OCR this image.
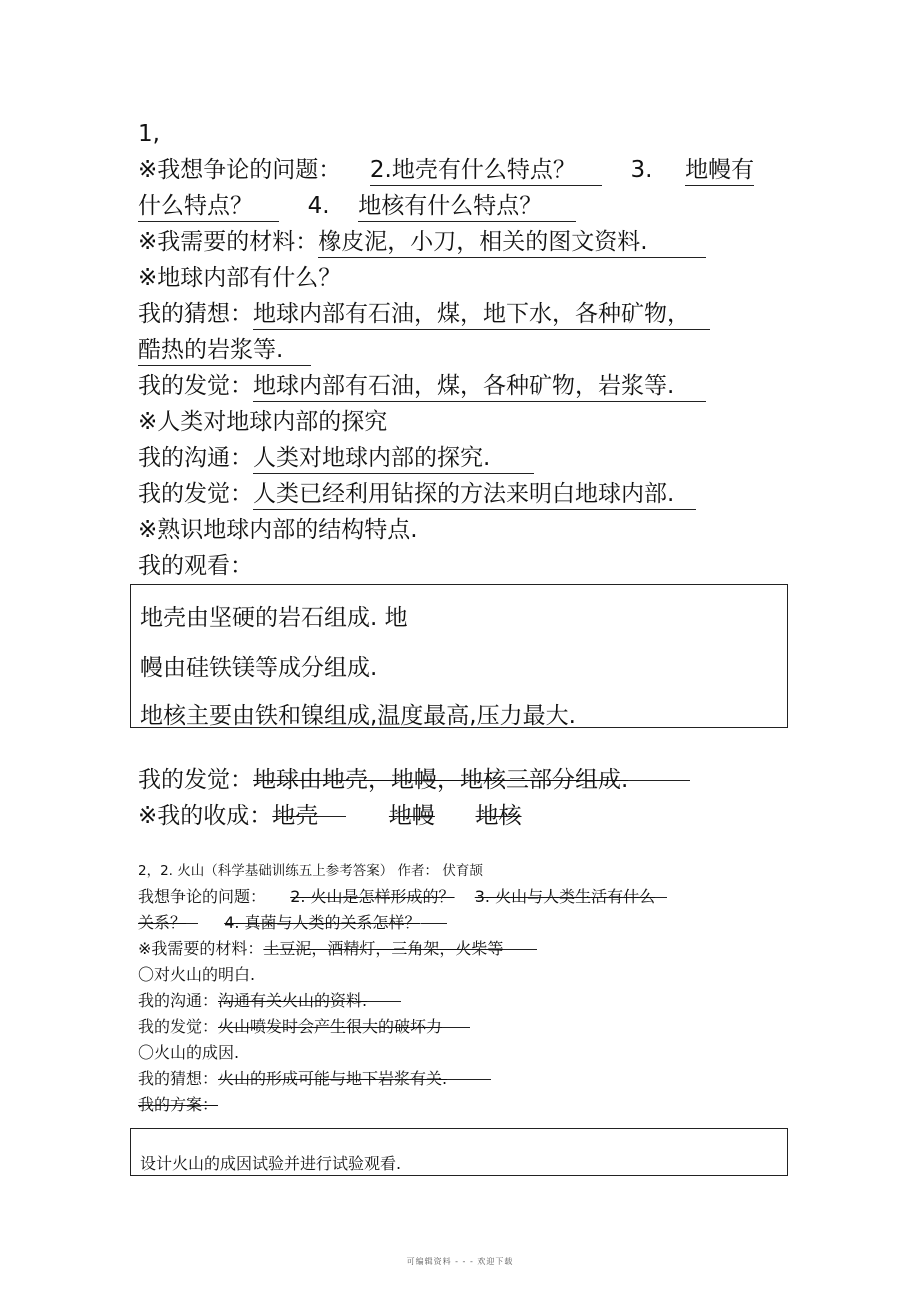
1,
※我想争论的问题： 2.地壳有什么特点？ 3. 地幔有
什么特点？ 4. 地核有什么特点？
※我需要的材料：橡皮泥，小刀，相关的图文资料.
※地球内部有什么？
我的猜想：地球内部有石油，煤，地下水，各种矿物，
酷热的岩浆等.
我的发觉：地球内部有石油，煤，各种矿物，岩浆等.
※人类对地球内部的探究
我的沟通：人类对地球内部的探究.
我的发觉：人类已经利用钻探的方法来明白地球内部.
※熟识地球内部的结构特点.
我的观看：
地壳由坚硬的岩石组成. 地
幔由硅铁镁等成分组成.
地核主要由铁和镍组成,温度最高,压力最大.
我的发觉：地球由地壳，地幔，地核三部分组成.
※我的收成：地壳	地幔 地核
2，2. 火山（科学基础训练五上参考答案） 作者： 伏育颉
我想争论的问题： 2. 火山是怎样形成的？ 3. 火山与人类生活有什么
关系？ 4. 真菌与人类的关系怎样？
※我需要的材料：土豆泥，酒精灯，三角架，火柴等
〇对火山的明白.
我的沟通：沟通有关火山的资料.
我的发觉：火山喷发时会产生很大的破坏力
〇火山的成因.
我的猜想：火山的形成可能与地下岩浆有关.
我的方案：
设计火山的成因试验并进行试验观看.
可编辑资料 - - - 欢迎下载
